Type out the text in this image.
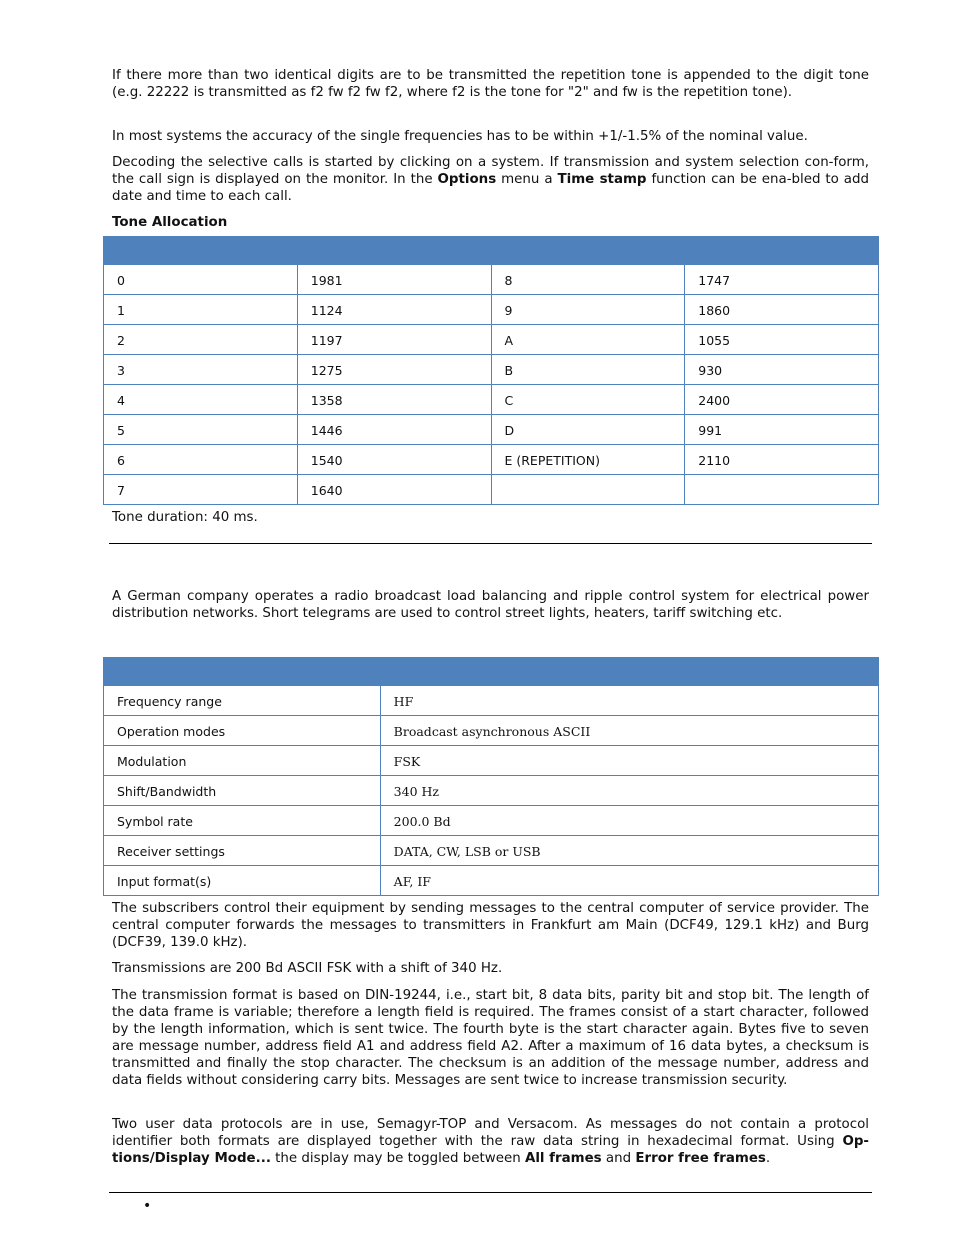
If there more than two identical digits are to be transmitted the repetition tone is appended to the digit tone (e.g. 22222 is transmitted as f2 fw f2 fw f2, where f2 is the tone for "2" and fw is the repetition tone).

In most systems the accuracy of the single frequencies has to be within +1/-1.5% of the nominal value.

Decoding the selective calls is started by clicking on a system. If transmission and system selection con-form, the call sign is displayed on the monitor. In the Options menu a Time stamp function can be ena-bled to add date and time to each call.

Tone Allocation

0	1981	8	1747
1	1124	9	1860
2	1197	A	1055
3	1275	B	930
4	1358	C	2400
5	1446	D	991
6	1540	E (REPETITION)	2110
7	1640		

Tone duration: 40 ms.

A German company operates a radio broadcast load balancing and ripple control system for electrical power distribution networks. Short telegrams are used to control street lights, heaters, tariff switching etc.

Frequency range	HF
Operation modes	Broadcast asynchronous ASCII
Modulation	FSK
Shift/Bandwidth	340 Hz
Symbol rate	200.0 Bd
Receiver settings	DATA, CW, LSB or USB
Input format(s)	AF, IF

The subscribers control their equipment by sending messages to the central computer of service provider. The central computer forwards the messages to transmitters in Frankfurt am Main (DCF49, 129.1 kHz) and Burg (DCF39, 139.0 kHz).

Transmissions are 200 Bd ASCII FSK with a shift of 340 Hz.

The transmission format is based on DIN-19244, i.e., start bit, 8 data bits, parity bit and stop bit. The length of the data frame is variable; therefore a length field is required. The frames consist of a start character, followed by the length information, which is sent twice. The fourth byte is the start character again. Bytes five to seven are message number, address field A1 and address field A2. After a maximum of 16 data bytes, a checksum is transmitted and finally the stop character. The checksum is an addition of the message number, address and data fields without considering carry bits. Messages are sent twice to increase transmission security.

Two user data protocols are in use, Semagyr-TOP and Versacom. As messages do not contain a protocol identifier both formats are displayed together with the raw data string in hexadecimal format. Using Op-tions/Display Mode... the display may be toggled between All frames and Error free frames.

•
